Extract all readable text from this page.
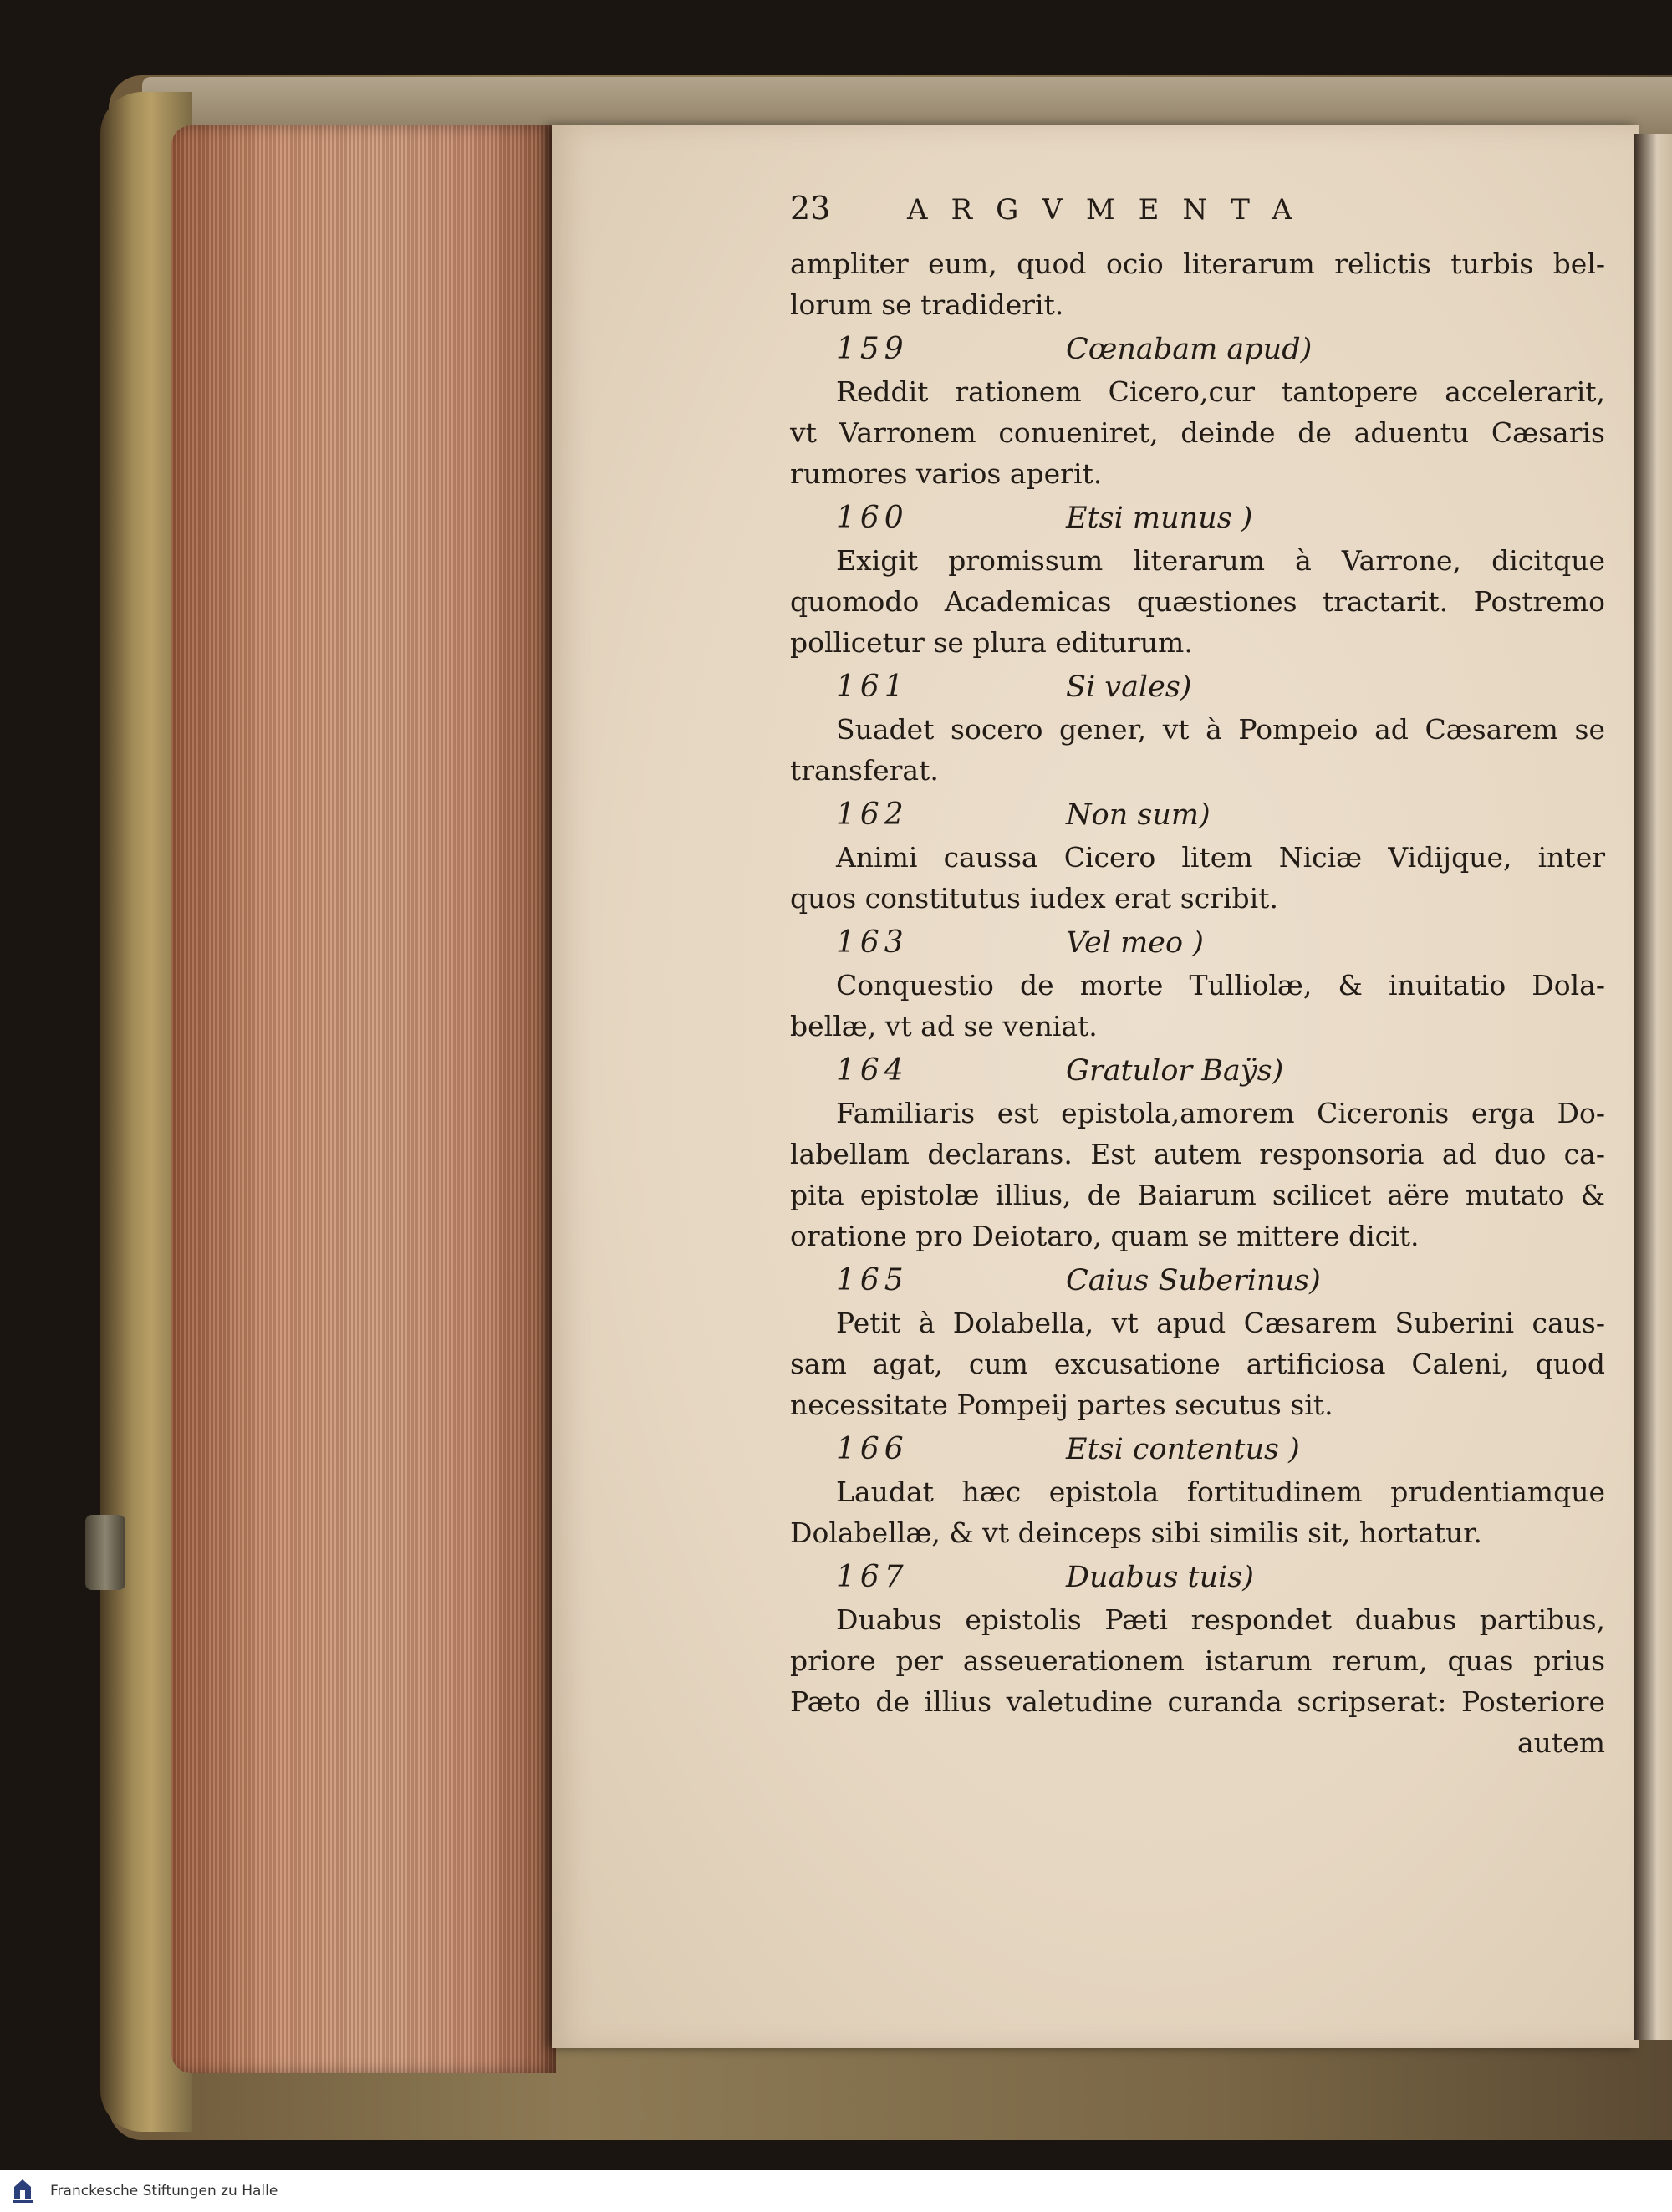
23	ARGVMENTA
ampliter eum, quod ocio literarum relictis turbis bel-
lorum se tradiderit.
159	Cœnabam apud)
Reddit rationem Cicero,cur tantopere accelerarit,
vt Varronem conueniret, deinde de aduentu Cæsaris
rumores varios aperit.
160	Etsi munus )
Exigit promissum literarum à Varrone, dicitque
quomodo Academicas quæstiones tractarit. Postremo
pollicetur se plura editurum.
161	Si vales)
Suadet socero gener, vt à Pompeio ad Cæsarem se
transferat.
162	Non sum)
Animi caussa Cicero litem Niciæ Vidijque, inter
quos constitutus iudex erat scribit.
163	Vel meo )
Conquestio de morte Tulliolæ, & inuitatio Dola-
bellæ, vt ad se veniat.
164	Gratulor Baÿs)
Familiaris est epistola,amorem Ciceronis erga Do-
labellam declarans. Est autem responsoria ad duo ca-
pita epistolæ illius, de Baiarum scilicet aëre mutato &
oratione pro Deiotaro, quam se mittere dicit.
165	Caius Suberinus)
Petit à Dolabella, vt apud Cæsarem Suberini caus-
sam agat, cum excusatione artificiosa Caleni, quod
necessitate Pompeij partes secutus sit.
166	Etsi contentus )
Laudat hæc epistola fortitudinem prudentiamque
Dolabellæ, & vt deinceps sibi similis sit, hortatur.
167	Duabus tuis)
Duabus epistolis Pæti respondet duabus partibus,
priore per asseuerationem istarum rerum, quas prius
Pæto de illius valetudine curanda scripserat: Posteriore
autem
Franckesche Stiftungen zu Halle
